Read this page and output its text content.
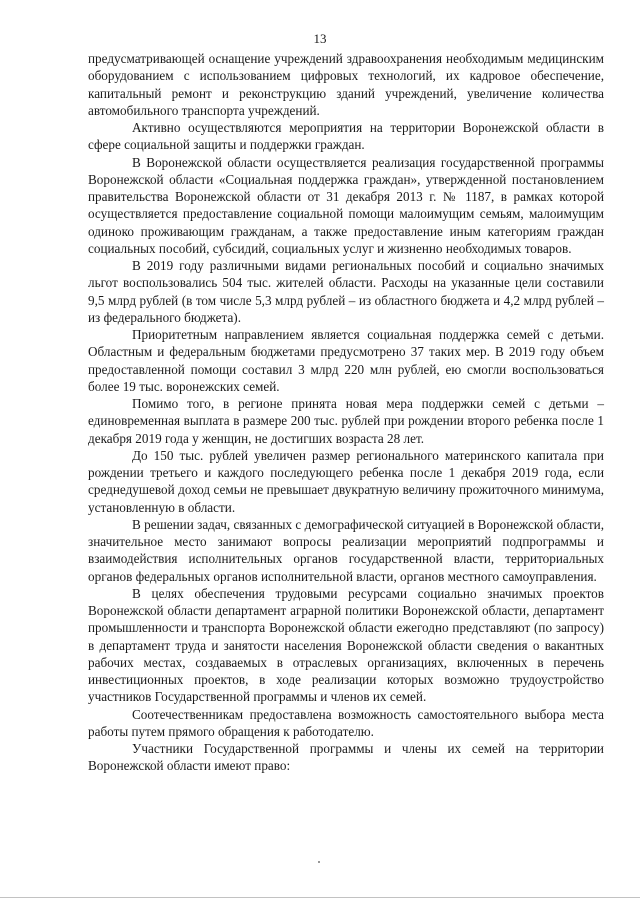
13

предусматривающей оснащение учреждений здравоохранения необходимым медицинским оборудованием с использованием цифровых технологий, их кадровое обеспечение, капитальный ремонт и реконструкцию зданий учреждений, увеличение количества автомобильного транспорта учреждений.

Активно осуществляются мероприятия на территории Воронежской области в сфере социальной защиты и поддержки граждан.

В Воронежской области осуществляется реализация государственной программы Воронежской области «Социальная поддержка граждан», утвержденной постановлением правительства Воронежской области от 31 декабря 2013 г. № 1187, в рамках которой осуществляется предоставление социальной помощи малоимущим семьям, малоимущим одиноко проживающим гражданам, а также предоставление иным категориям граждан социальных пособий, субсидий, социальных услуг и жизненно необходимых товаров.

В 2019 году различными видами региональных пособий и социально значимых льгот воспользовались 504 тыс. жителей области. Расходы на указанные цели составили 9,5 млрд рублей (в том числе 5,3 млрд рублей – из областного бюджета и 4,2 млрд рублей – из федерального бюджета).

Приоритетным направлением является социальная поддержка семей с детьми. Областным и федеральным бюджетами предусмотрено 37 таких мер. В 2019 году объем предоставленной помощи составил 3 млрд 220 млн рублей, ею смогли воспользоваться более 19 тыс. воронежских семей.

Помимо того, в регионе принята новая мера поддержки семей с детьми – единовременная выплата в размере 200 тыс. рублей при рождении второго ребенка после 1 декабря 2019 года у женщин, не достигших возраста 28 лет.

До 150 тыс. рублей увеличен размер регионального материнского капитала при рождении третьего и каждого последующего ребенка после 1 декабря 2019 года, если среднедушевой доход семьи не превышает двукратную величину прожиточного минимума, установленную в области.

В решении задач, связанных с демографической ситуацией в Воронежской области, значительное место занимают вопросы реализации мероприятий подпрограммы и взаимодействия исполнительных органов государственной власти, территориальных органов федеральных органов исполнительной власти, органов местного самоуправления.

В целях обеспечения трудовыми ресурсами социально значимых проектов Воронежской области департамент аграрной политики Воронежской области, департамент промышленности и транспорта Воронежской области ежегодно представляют (по запросу) в департамент труда и занятости населения Воронежской области сведения о вакантных рабочих местах, создаваемых в отраслевых организациях, включенных в перечень инвестиционных проектов, в ходе реализации которых возможно трудоустройство участников Государственной программы и членов их семей.

Соотечественникам предоставлена возможность самостоятельного выбора места работы путем прямого обращения к работодателю.

Участники Государственной программы и члены их семей на территории Воронежской области имеют право:
